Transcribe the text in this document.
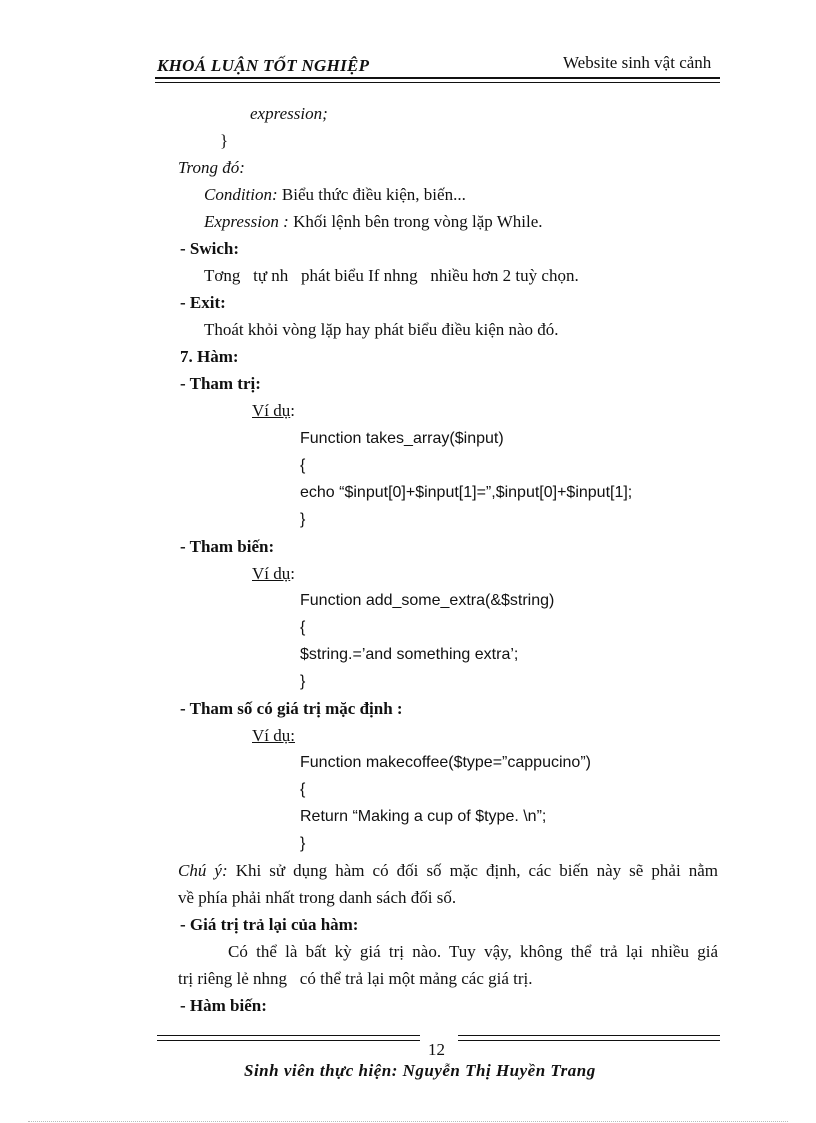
KHOÁ LUẬN TỐT NGHIỆP	Website sinh vật cảnh
expression;
}
Trong đó:
Condition: Biểu thức điều kiện, biến...
Expression : Khối lệnh bên trong vòng lặp While.
- Swich:
Tơng   tự nh   phát biểu If nhng   nhiều hơn 2 tuỳ chọn.
- Exit:
Thoát khỏi vòng lặp hay phát biểu điều kiện nào đó.
7. Hàm:
- Tham trị:
Ví dụ:
Function takes_array($input)
{
echo “$input[0]+$input[1]=”,$input[0]+$input[1];
}
- Tham biến:
Ví dụ:
Function add_some_extra(&$string)
{
$string.=’and something extra’;
}
- Tham số có giá trị mặc định :
Ví dụ:
Function makecoffee($type=”cappucino”)
{
Return “Making a cup of $type. \n”;
}
Chú ý: Khi sử dụng hàm có đối số mặc định, các biến này sẽ phải nằm
về phía phải nhất trong danh sách đối số.
- Giá trị trả lại của hàm:
Có thể là bất kỳ giá trị nào. Tuy vậy, không thể trả lại nhiều giá
trị riêng lẻ nhng   có thể trả lại một mảng các giá trị.
- Hàm biến:
12
Sinh viên thực hiện: Nguyễn Thị Huyền Trang
